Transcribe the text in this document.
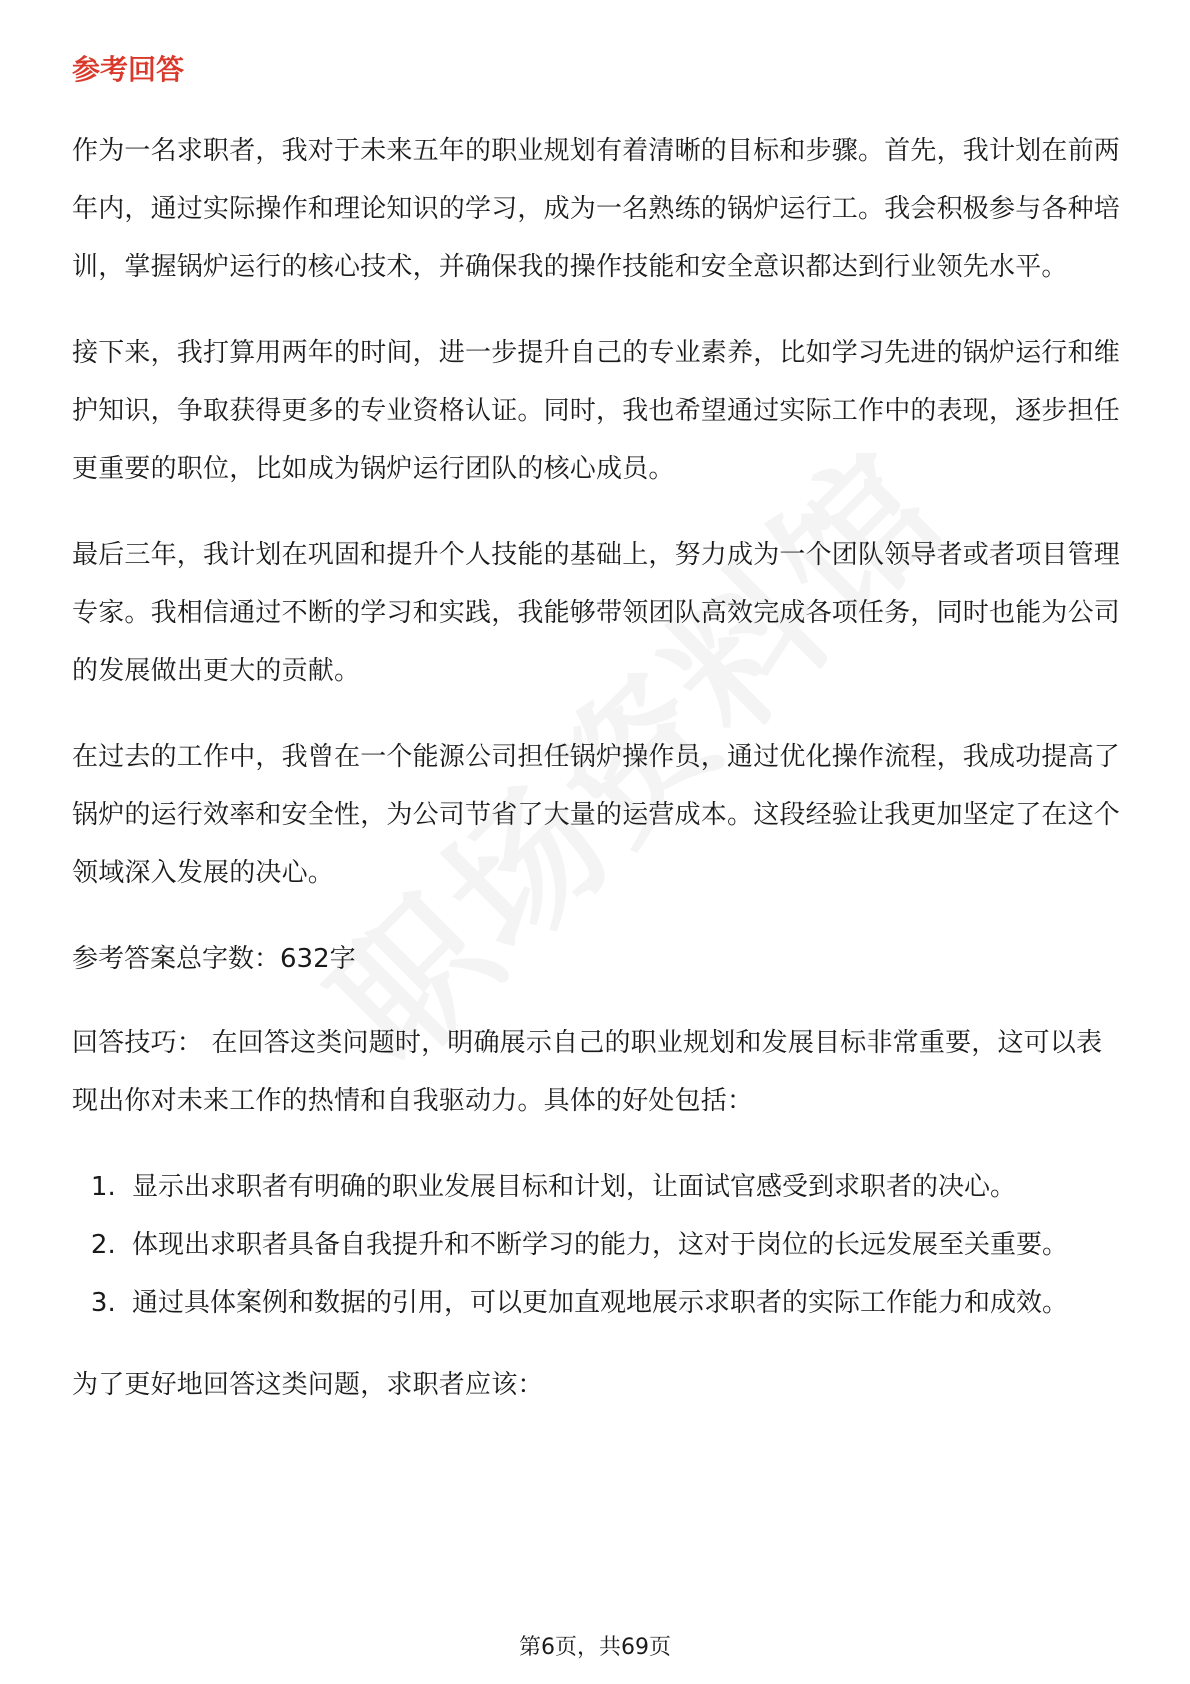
参考回答

作为一名求职者，我对于未来五年的职业规划有着清晰的目标和步骤。首先，我计划在前两年内，通过实际操作和理论知识的学习，成为一名熟练的锅炉运行工。我会积极参与各种培训，掌握锅炉运行的核心技术，并确保我的操作技能和安全意识都达到行业领先水平。

接下来，我打算用两年的时间，进一步提升自己的专业素养，比如学习先进的锅炉运行和维护知识，争取获得更多的专业资格认证。同时，我也希望通过实际工作中的表现，逐步担任更重要的职位，比如成为锅炉运行团队的核心成员。

最后三年，我计划在巩固和提升个人技能的基础上，努力成为一个团队领导者或者项目管理专家。我相信通过不断的学习和实践，我能够带领团队高效完成各项任务，同时也能为公司的发展做出更大的贡献。

在过去的工作中，我曾在一个能源公司担任锅炉操作员，通过优化操作流程，我成功提高了锅炉的运行效率和安全性，为公司节省了大量的运营成本。这段经验让我更加坚定了在这个领域深入发展的决心。

参考答案总字数：632字

回答技巧： 在回答这类问题时，明确展示自己的职业规划和发展目标非常重要，这可以表现出你对未来工作的热情和自我驱动力。具体的好处包括：

1. 显示出求职者有明确的职业发展目标和计划，让面试官感受到求职者的决心。
2. 体现出求职者具备自我提升和不断学习的能力，这对于岗位的长远发展至关重要。
3. 通过具体案例和数据的引用，可以更加直观地展示求职者的实际工作能力和成效。

为了更好地回答这类问题，求职者应该：

第6页，共69页
